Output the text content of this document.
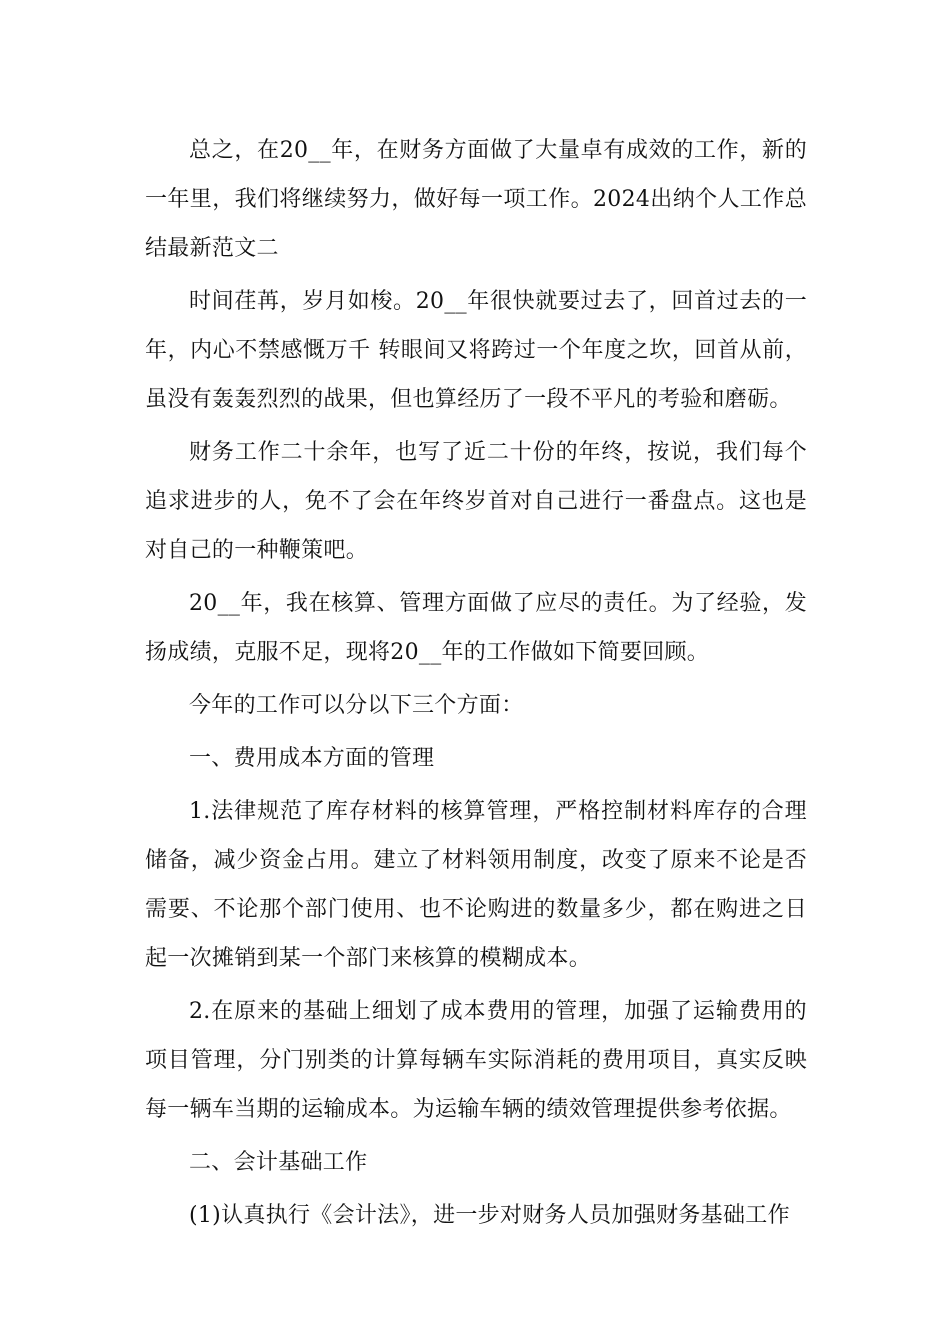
总之，在20__年，在财务方面做了大量卓有成效的工作，新的一年里，我们将继续努力，做好每一项工作。2024出纳个人工作总结最新范文二

时间荏苒，岁月如梭。20__年很快就要过去了，回首过去的一年，内心不禁感慨万千 转眼间又将跨过一个年度之坎，回首从前，虽没有轰轰烈烈的战果，但也算经历了一段不平凡的考验和磨砺。

财务工作二十余年，也写了近二十份的年终，按说，我们每个追求进步的人，免不了会在年终岁首对自己进行一番盘点。这也是对自己的一种鞭策吧。

20__年，我在核算、管理方面做了应尽的责任。为了经验，发扬成绩，克服不足，现将20__年的工作做如下简要回顾。

今年的工作可以分以下三个方面：

一、费用成本方面的管理

1.法律规范了库存材料的核算管理，严格控制材料库存的合理储备，减少资金占用。建立了材料领用制度，改变了原来不论是否需要、不论那个部门使用、也不论购进的数量多少，都在购进之日起一次摊销到某一个部门来核算的模糊成本。

2.在原来的基础上细划了成本费用的管理，加强了运输费用的项目管理，分门别类的计算每辆车实际消耗的费用项目，真实反映每一辆车当期的运输成本。为运输车辆的绩效管理提供参考依据。

二、会计基础工作

(1)认真执行《会计法》，进一步对财务人员加强财务基础工作
